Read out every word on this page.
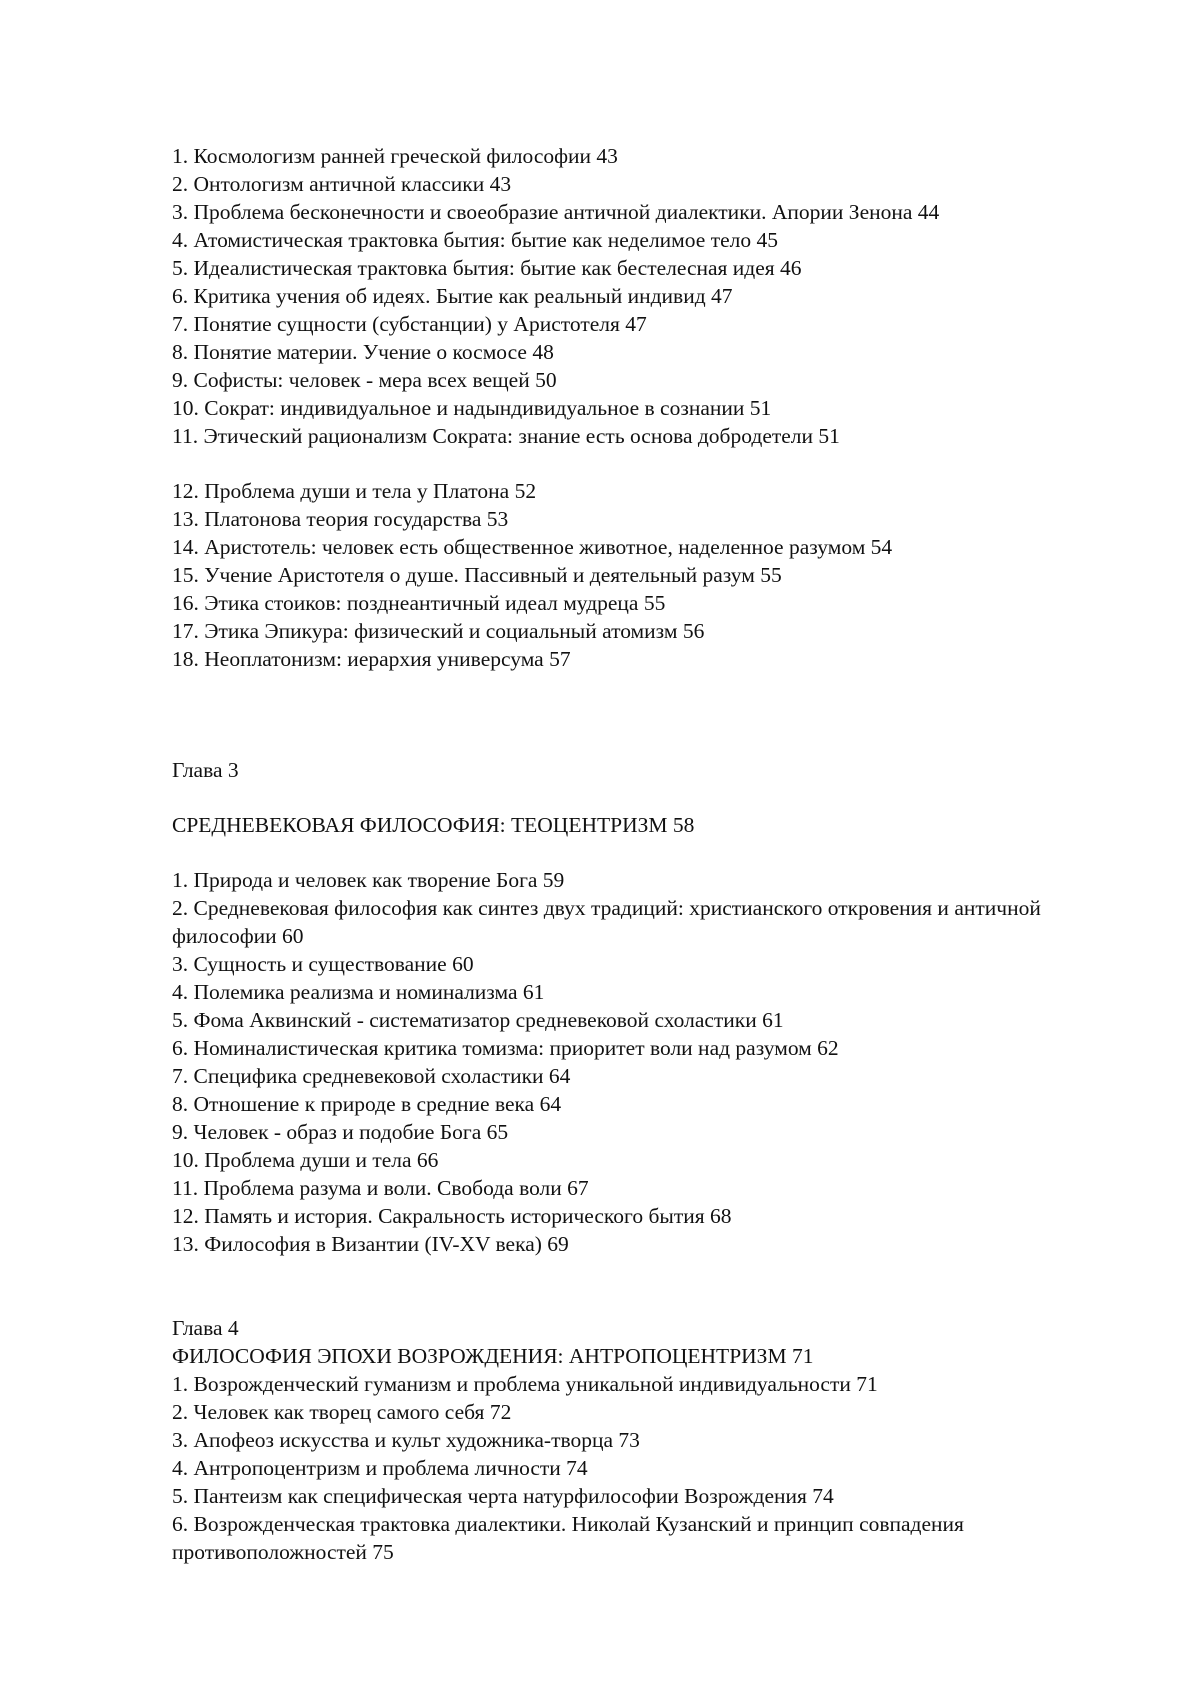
1. Космологизм ранней греческой философии 43
2. Онтологизм античной классики 43
3. Проблема бесконечности и своеобразие античной диалектики. Апории Зенона 44
4. Атомистическая трактовка бытия: бытие как неделимое тело 45
5. Идеалистическая трактовка бытия: бытие как бестелесная идея 46
6. Критика учения об идеях. Бытие как реальный индивид 47
7. Понятие сущности (субстанции) у Аристотеля 47
8. Понятие материи. Учение о космосе 48
9. Софисты: человек - мера всех вещей 50
10. Сократ: индивидуальное и надындивидуальное в сознании 51
11. Этический рационализм Сократа: знание есть основа добродетели 51
12. Проблема души и тела у Платона 52
13. Платонова теория государства 53
14. Аристотель: человек есть общественное животное, наделенное разумом 54
15. Учение Аристотеля о душе. Пассивный и деятельный разум 55
16. Этика стоиков: позднеантичный идеал мудреца 55
17. Этика Эпикура: физический и социальный атомизм 56
18. Неоплатонизм: иерархия универсума 57
Глава 3
СРЕДНЕВЕКОВАЯ ФИЛОСОФИЯ: ТЕОЦЕНТРИЗМ 58
1. Природа и человек как творение Бога 59
2. Средневековая философия как синтез двух традиций: христианского откровения и античной философии 60
3. Сущность и существование 60
4. Полемика реализма и номинализма 61
5. Фома Аквинский - систематизатор средневековой схоластики 61
6. Номиналистическая критика томизма: приоритет воли над разумом 62
7. Специфика средневековой схоластики 64
8. Отношение к природе в средние века 64
9. Человек - образ и подобие Бога 65
10. Проблема души и тела 66
11. Проблема разума и воли. Свобода воли 67
12. Память и история. Сакральность исторического бытия 68
13. Философия в Византии (IV-XV века) 69
Глава 4
ФИЛОСОФИЯ ЭПОХИ ВОЗРОЖДЕНИЯ: АНТРОПОЦЕНТРИЗМ 71
1. Возрожденческий гуманизм и проблема уникальной индивидуальности 71
2. Человек как творец самого себя 72
3. Апофеоз искусства и культ художника-творца 73
4. Антропоцентризм и проблема личности 74
5. Пантеизм как специфическая черта натурфилософии Возрождения 74
6. Возрожденческая трактовка диалектики. Николай Кузанский и принцип совпадения противоположностей 75
